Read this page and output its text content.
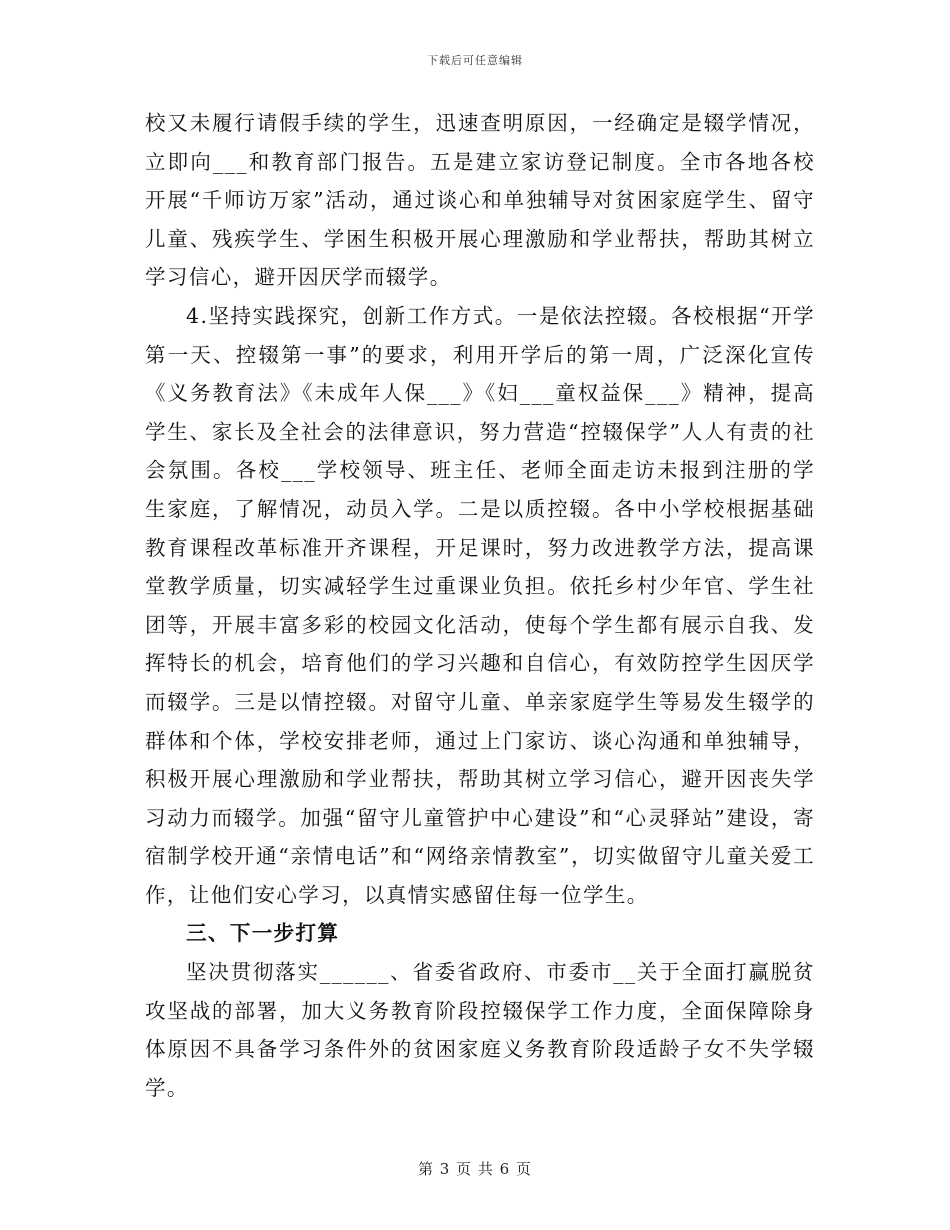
下载后可任意编辑

校又未履行请假手续的学生，迅速查明原因，一经确定是辍学情况，立即向___和教育部门报告。五是建立家访登记制度。全市各地各校开展“千师访万家”活动，通过谈心和单独辅导对贫困家庭学生、留守儿童、残疾学生、学困生积极开展心理激励和学业帮扶，帮助其树立学习信心，避开因厌学而辍学。

4.坚持实践探究，创新工作方式。一是依法控辍。各校根据“开学第一天、控辍第一事”的要求，利用开学后的第一周，广泛深化宣传《义务教育法》《未成年人保___》《妇___童权益保___》精神，提高学生、家长及全社会的法律意识，努力营造“控辍保学”人人有责的社会氛围。各校___学校领导、班主任、老师全面走访未报到注册的学生家庭，了解情况，动员入学。二是以质控辍。各中小学校根据基础教育课程改革标准开齐课程，开足课时，努力改进教学方法，提高课堂教学质量，切实减轻学生过重课业负担。依托乡村少年官、学生社团等，开展丰富多彩的校园文化活动，使每个学生都有展示自我、发挥特长的机会，培育他们的学习兴趣和自信心，有效防控学生因厌学而辍学。三是以情控辍。对留守儿童、单亲家庭学生等易发生辍学的群体和个体，学校安排老师，通过上门家访、谈心沟通和单独辅导，积极开展心理激励和学业帮扶，帮助其树立学习信心，避开因丧失学习动力而辍学。加强“留守儿童管护中心建设”和“心灵驿站”建设，寄宿制学校开通“亲情电话”和“网络亲情教室”，切实做留守儿童关爱工作，让他们安心学习，以真情实感留住每一位学生。

三、下一步打算

坚决贯彻落实______、省委省政府、市委市__关于全面打赢脱贫攻坚战的部署，加大义务教育阶段控辍保学工作力度，全面保障除身体原因不具备学习条件外的贫困家庭义务教育阶段适龄子女不失学辍学。

第 3 页 共 6 页
